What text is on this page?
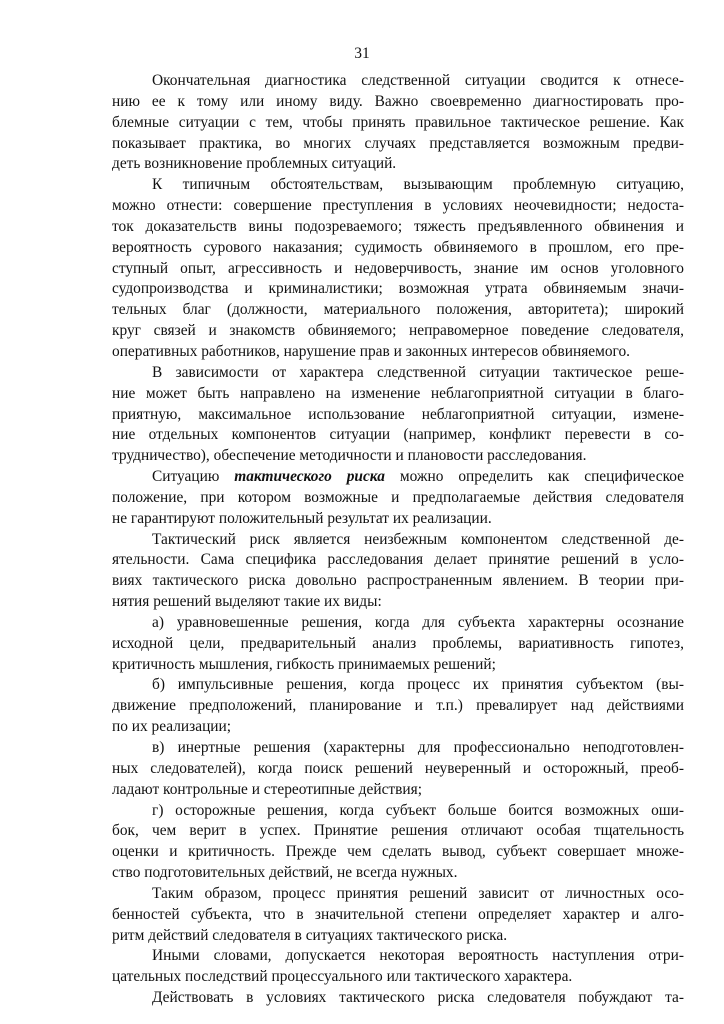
31
Окончательная диагностика следственной ситуации сводится к отнесе-
нию ее к тому или иному виду. Важно своевременно диагностировать про-
блемные ситуации с тем, чтобы принять правильное тактическое решение. Как
показывает практика, во многих случаях представляется возможным предви-
деть возникновение проблемных ситуаций.
К типичным обстоятельствам, вызывающим проблемную ситуацию,
можно отнести: совершение преступления в условиях неочевидности; недоста-
ток доказательств вины подозреваемого; тяжесть предъявленного обвинения и
вероятность сурового наказания; судимость обвиняемого в прошлом, его пре-
ступный опыт, агрессивность и недоверчивость, знание им основ уголовного
судопроизводства и криминалистики; возможная утрата обвиняемым значи-
тельных благ (должности, материального положения, авторитета); широкий
круг связей и знакомств обвиняемого; неправомерное поведение следователя,
оперативных работников, нарушение прав и законных интересов обвиняемого.
В зависимости от характера следственной ситуации тактическое реше-
ние может быть направлено на изменение неблагоприятной ситуации в благо-
приятную, максимальное использование неблагоприятной ситуации, измене-
ние отдельных компонентов ситуации (например, конфликт перевести в со-
трудничество), обеспечение методичности и плановости расследования.
Ситуацию тактического риска можно определить как специфическое
положение, при котором возможные и предполагаемые действия следователя
не гарантируют положительный результат их реализации.
Тактический риск является неизбежным компонентом следственной де-
ятельности. Сама специфика расследования делает принятие решений в усло-
виях тактического риска довольно распространенным явлением. В теории при-
нятия решений выделяют такие их виды:
а) уравновешенные решения, когда для субъекта характерны осознание
исходной цели, предварительный анализ проблемы, вариативность гипотез,
критичность мышления, гибкость принимаемых решений;
б) импульсивные решения, когда процесс их принятия субъектом (вы-
движение предположений, планирование и т.п.) превалирует над действиями
по их реализации;
в) инертные решения (характерны для профессионально неподготовлен-
ных следователей), когда поиск решений неуверенный и осторожный, преоб-
ладают контрольные и стереотипные действия;
г) осторожные решения, когда субъект больше боится возможных оши-
бок, чем верит в успех. Принятие решения отличают особая тщательность
оценки и критичность. Прежде чем сделать вывод, субъект совершает множе-
ство подготовительных действий, не всегда нужных.
Таким образом, процесс принятия решений зависит от личностных осо-
бенностей субъекта, что в значительной степени определяет характер и алго-
ритм действий следователя в ситуациях тактического риска.
Иными словами, допускается некоторая вероятность наступления отри-
цательных последствий процессуального или тактического характера.
Действовать в условиях тактического риска следователя побуждают та-
